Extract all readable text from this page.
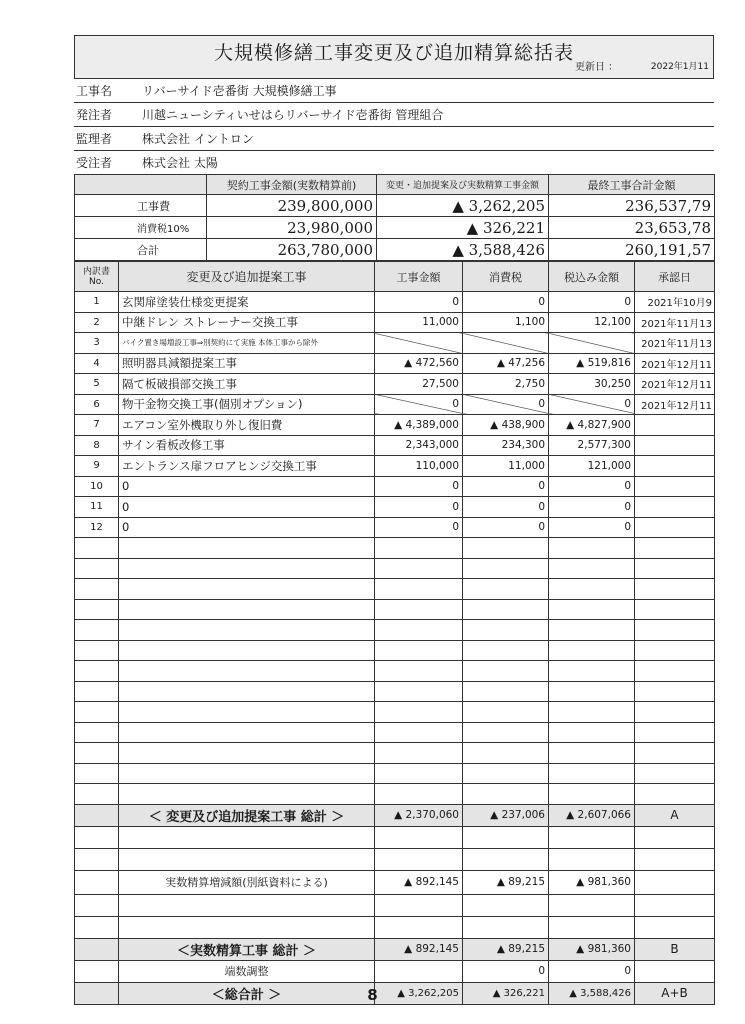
大規模修繕工事変更及び追加精算総括表
更新日 ：	2022年1月11
工事名 リバーサイド壱番街 大規模修繕工事
発注者 川越ニューシティいせはらリバーサイド壱番街 管理組合
監理者 株式会社 イントロン
受注者 株式会社 太陽
	契約工事金額(実数精算前)	変更・追加提案及び実数精算工事金額	最終工事合計金額
工事費	239,800,000	▲ 3,262,205	236,537,79
消費税10%	23,980,000	▲ 326,221	23,653,78
合計	263,780,000	▲ 3,588,426	260,191,57
内訳書 No.	変更及び追加提案工事	工事金額	消費税	税込み金額	承認日
1	玄関扉塗装仕様変更提案	0	0	0	2021年10月9
2	中継ドレン ストレーナー交換工事	11,000	1,100	12,100	2021年11月13
3	バイク置き場増設工事⇒別契約にて実施 本体工事から除外				2021年11月13
4	照明器具減額提案工事	▲ 472,560	▲ 47,256	▲ 519,816	2021年12月11
5	隔て板破損部交換工事	27,500	2,750	30,250	2021年12月11
6	物干金物交換工事(個別オプション)	0	0	0	2021年12月11
7	エアコン室外機取り外し復旧費	▲ 4,389,000	▲ 438,900	▲ 4,827,900	
8	サイン看板改修工事	2,343,000	234,300	2,577,300	
9	エントランス扉フロアヒンジ交換工事	110,000	11,000	121,000	
10	0	0	0	0	
11	0	0	0	0	
12	0	0	0	0	

	＜ 変更及び追加提案工事 総計 ＞	▲ 2,370,060	▲ 237,006	▲ 2,607,066	A

	実数精算増減額(別紙資料による)	▲ 892,145	▲ 89,215	▲ 981,360	

	＜実数精算工事 総計 ＞	▲ 892,145	▲ 89,215	▲ 981,360	B
	端数調整		0	0	
	＜総合計 ＞	▲ 3,262,205	▲ 326,221	▲ 3,588,426	A+B
8
